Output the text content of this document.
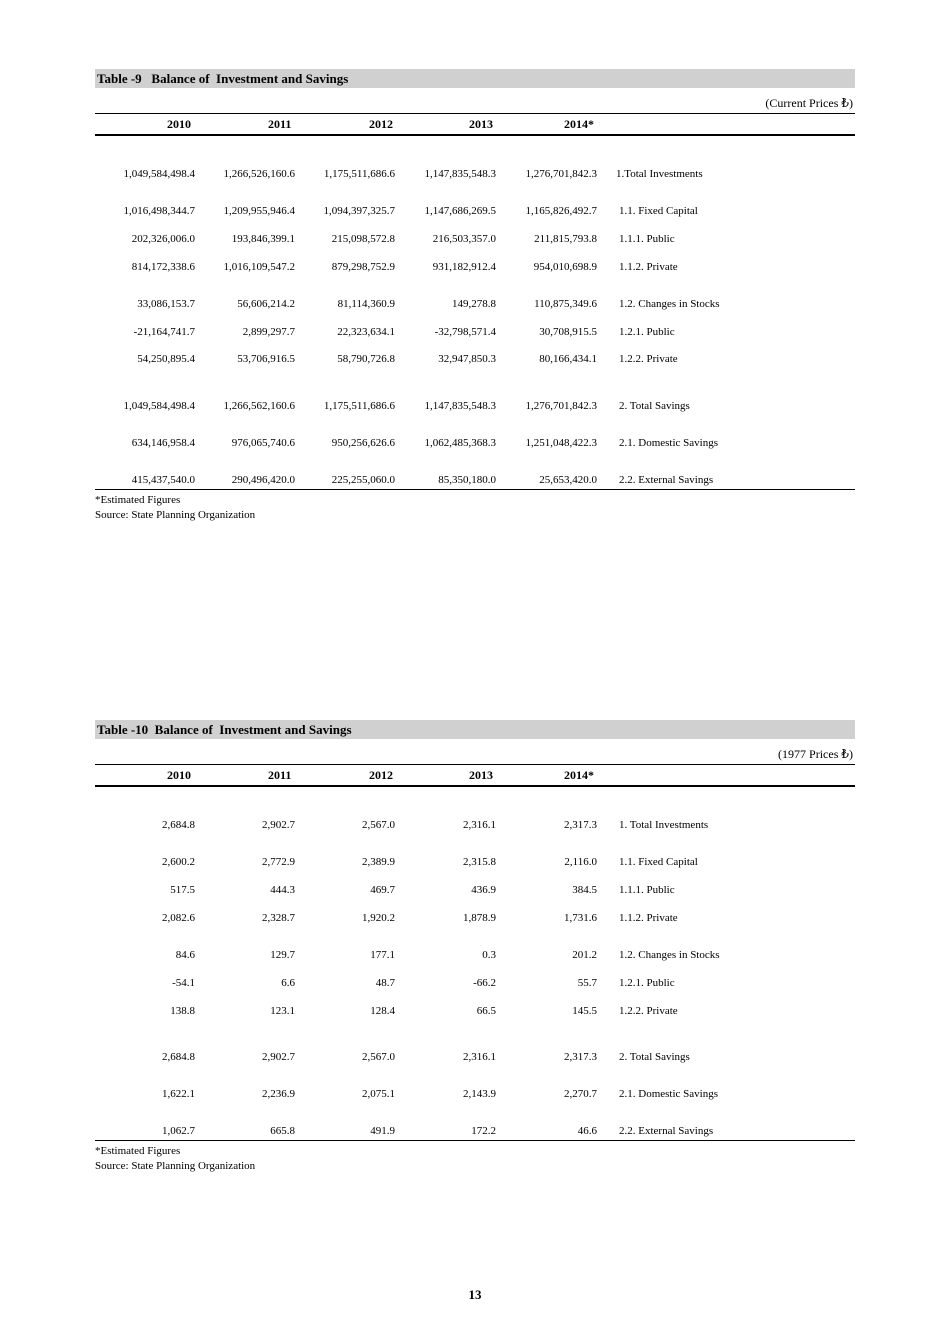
Table -9   Balance of  Investment and Savings
(Current Prices ₺)
2010	2011	2012	2013	2014*
1,049,584,498.4	1,266,526,160.6	1,175,511,686.6	1,147,835,548.3	1,276,701,842.3 1.Total Investments
1,016,498,344.7	1,209,955,946.4	1,094,397,325.7	1,147,686,269.5	1,165,826,492.7 1.1. Fixed Capital
202,326,006.0	193,846,399.1	215,098,572.8	216,503,357.0	211,815,793.8 1.1.1. Public
814,172,338.6	1,016,109,547.2	879,298,752.9	931,182,912.4	954,010,698.9 1.1.2. Private
33,086,153.7	56,606,214.2	81,114,360.9	149,278.8	110,875,349.6 1.2. Changes in Stocks
-21,164,741.7	2,899,297.7	22,323,634.1	-32,798,571.4	30,708,915.5 1.2.1. Public
54,250,895.4	53,706,916.5	58,790,726.8	32,947,850.3	80,166,434.1 1.2.2. Private
1,049,584,498.4	1,266,562,160.6	1,175,511,686.6	1,147,835,548.3	1,276,701,842.3 2. Total Savings
634,146,958.4	976,065,740.6	950,256,626.6	1,062,485,368.3	1,251,048,422.3 2.1. Domestic Savings
415,437,540.0	290,496,420.0	225,255,060.0	85,350,180.0	25,653,420.0 2.2. External Savings
*Estimated Figures
Source: State Planning Organization
Table -10  Balance of  Investment and Savings
(1977 Prices ₺)
2010	2011	2012	2013	2014*
2,684.8	2,902.7	2,567.0	2,316.1	2,317.3 1. Total Investments
2,600.2	2,772.9	2,389.9	2,315.8	2,116.0 1.1. Fixed Capital
517.5	444.3	469.7	436.9	384.5 1.1.1. Public
2,082.6	2,328.7	1,920.2	1,878.9	1,731.6 1.1.2. Private
84.6	129.7	177.1	0.3	201.2 1.2. Changes in Stocks
-54.1	6.6	48.7	-66.2	55.7 1.2.1. Public
138.8	123.1	128.4	66.5	145.5 1.2.2. Private
2,684.8	2,902.7	2,567.0	2,316.1	2,317.3 2. Total Savings
1,622.1	2,236.9	2,075.1	2,143.9	2,270.7 2.1. Domestic Savings
1,062.7	665.8	491.9	172.2	46.6 2.2. External Savings
*Estimated Figures
Source: State Planning Organization
13
